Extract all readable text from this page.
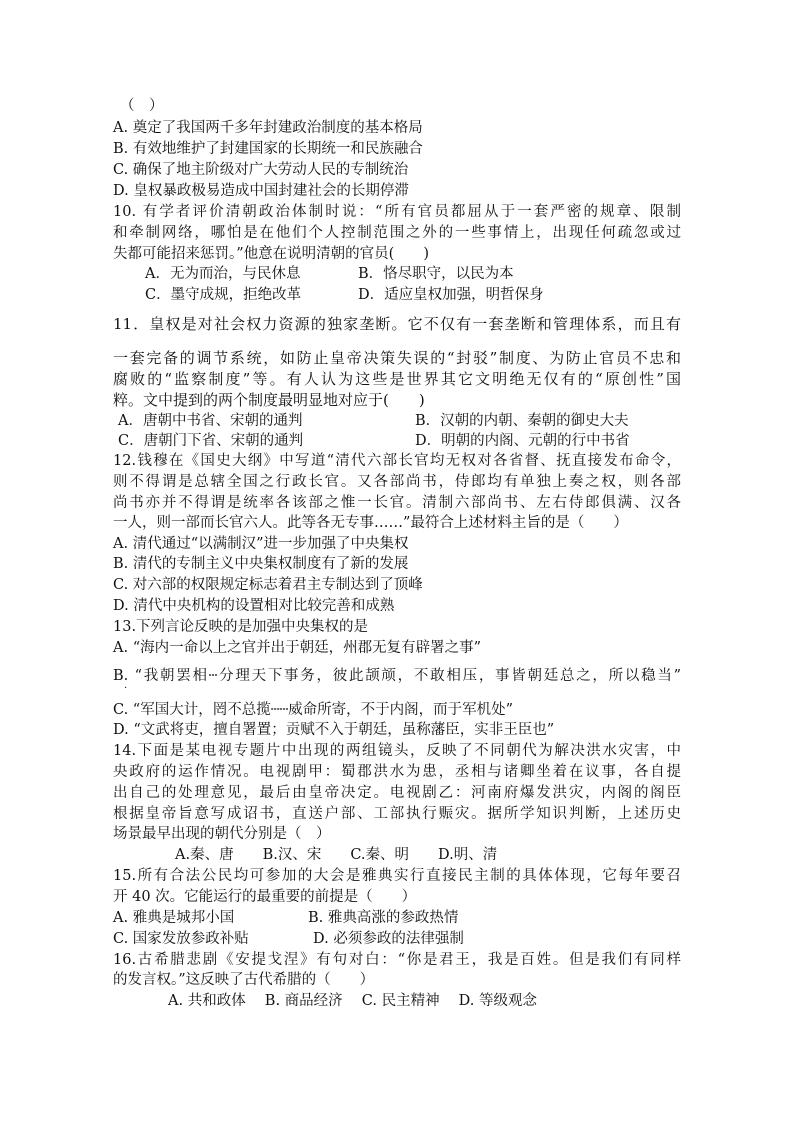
（　）
A. 奠定了我国两千多年封建政治制度的基本格局
B. 有效地维护了封建国家的长期统一和民族融合
C. 确保了地主阶级对广大劳动人民的专制统治
D. 皇权暴政极易造成中国封建社会的长期停滞
10. 有学者评价清朝政治体制时说：“所有官员都屈从于一套严密的规章、限制
和牵制网络，哪怕是在他们个人控制范围之外的一些事情上，出现任何疏忽或过
失都可能招来惩罚。”他意在说明清朝的官员(　　)
A．无为而治，与民休息	B．恪尽职守，以民为本
C．墨守成规，拒绝改革	D．适应皇权加强，明哲保身
11．皇权是对社会权力资源的独家垄断。它不仅有一套垄断和管理体系，而且有
一套完备的调节系统，如防止皇帝决策失误的“封驳”制度、为防止官员不忠和
腐败的“监察制度”等。有人认为这些是世界其它文明绝无仅有的“原创性”国
粹。文中提到的两个制度最明显地对应于(　　)
A．唐朝中书省、宋朝的通判	B．汉朝的内朝、秦朝的御史大夫
C．唐朝门下省、宋朝的通判	D．明朝的内阁、元朝的行中书省
12.钱穆在《国史大纲》中写道“清代六部长官均无权对各省督、抚直接发布命令，
则不得谓是总辖全国之行政长官。又各部尚书，侍郎均有单独上奏之权，则各部
尚书亦并不得谓是统率各该部之惟一长官。清制六部尚书、左右侍郎俱满、汉各
一人，则一部而长官六人。此等各无专事……”最符合上述材料主旨的是（　　）
A. 清代通过“以满制汉”进一步加强了中央集权
B. 清代的专制主义中央集权制度有了新的发展
C. 对六部的权限规定标志着君主专制达到了顶峰
D. 清代中央机构的设置相对比较完善和成熟
13.下列言论反映的是加强中央集权的是
A. “海内一命以上之官并出于朝廷，州郡无复有辟署之事”
B. “我朝罢相┄分理天下事务，彼此颉颃，不敢相压，事皆朝廷总之，所以稳当”
·
C. “军国大计，罔不总揽┄┄威命所寄，不于内阁，而于军机处”
D. “文武将吏，擅自署置；贡赋不入于朝廷，虽称藩臣，实非王臣也”
14.下面是某电视专题片中出现的两组镜头，反映了不同朝代为解决洪水灾害，中
央政府的运作情况。电视剧甲：蜀郡洪水为患，丞相与诸卿坐着在议事，各自提
出自己的处理意见，最后由皇帝决定。电视剧乙：河南府爆发洪灾，内阁的阁臣
根据皇帝旨意写成诏书，直送户部、工部执行赈灾。据所学知识判断，上述历史
场景最早出现的朝代分别是（　）
A.秦、唐　　B.汉、宋　　C.秦、明　　D.明、清
15.所有合法公民均可参加的大会是雅典实行直接民主制的具体体现，它每年要召
开 40 次。它能运行的最重要的前提是（　　）
A. 雅典是城邦小国	B. 雅典高涨的参政热情
C. 国家发放参政补贴	D. 必须参政的法律强制
16.古希腊悲剧《安提戈涅》有句对白：“你是君王，我是百姓。但是我们有同样
的发言权。”这反映了古代希腊的（　　）
A. 共和政体　 B. 商品经济　 C. 民主精神　 D. 等级观念
